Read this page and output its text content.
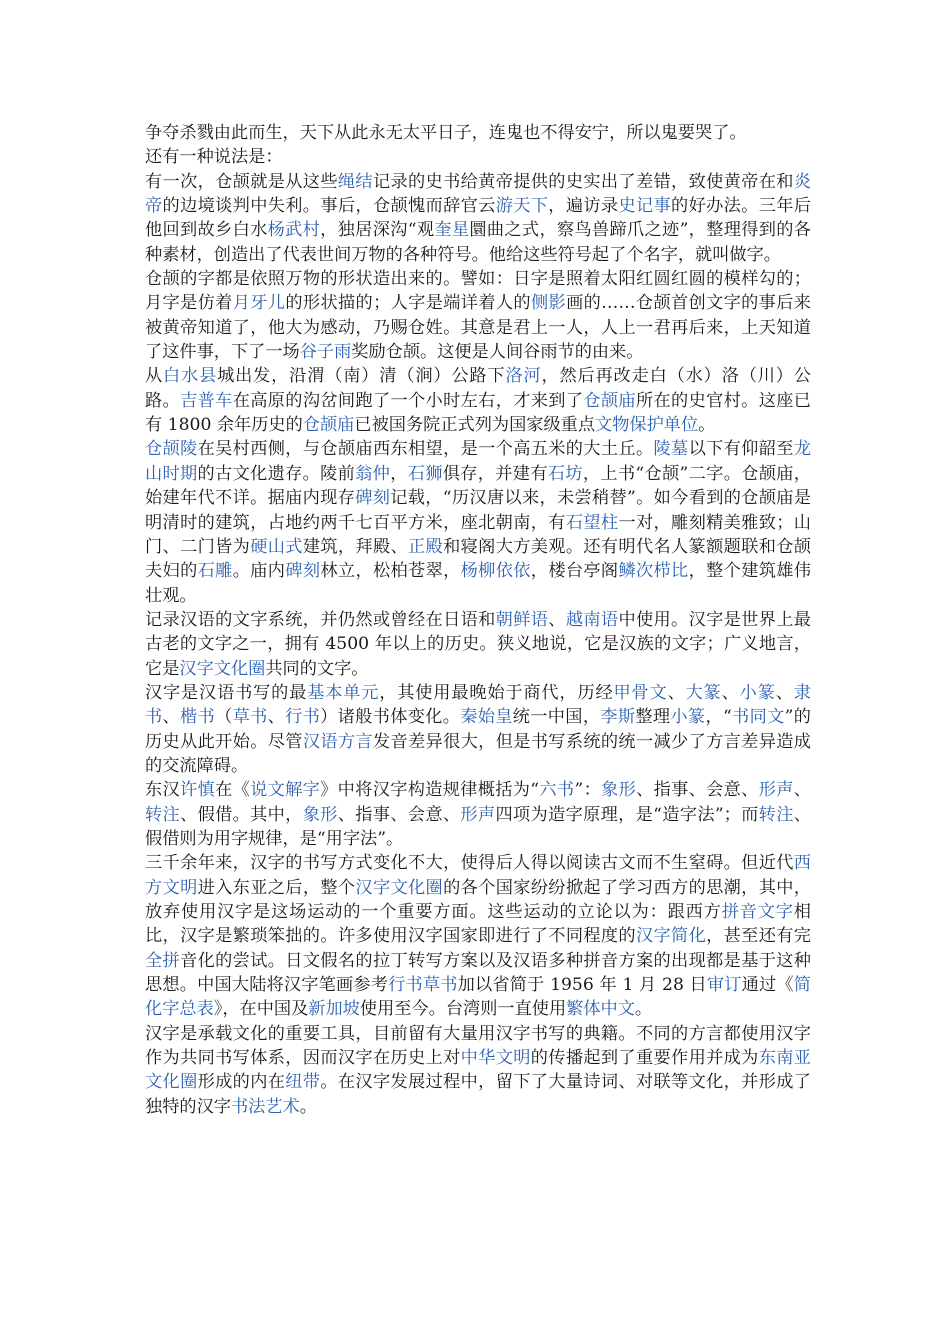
争夺杀戮由此而生，天下从此永无太平日子，连鬼也不得安宁，所以鬼要哭了。
还有一种说法是：
有一次，仓颉就是从这些绳结记录的史书给黄帝提供的史实出了差错，致使黄帝在和炎帝的边境谈判中失利。事后，仓颉愧而辞官云游天下，遍访录史记事的好办法。三年后他回到故乡白水杨武村，独居深沟“观奎星圜曲之式，察鸟兽蹄爪之迹”，整理得到的各种素材，创造出了代表世间万物的各种符号。他给这些符号起了个名字，就叫做字。
仓颉的字都是依照万物的形状造出来的。譬如：日字是照着太阳红圆红圆的模样勾的；月字是仿着月牙儿的形状描的；人字是端详着人的侧影画的……仓颉首创文字的事后来被黄帝知道了，他大为感动，乃赐仓姓。其意是君上一人，人上一君再后来，上天知道了这件事，下了一场谷子雨奖励仓颉。这便是人间谷雨节的由来。
从白水县城出发，沿渭（南）清（涧）公路下洛河，然后再改走白（水）洛（川）公路。吉普车在高原的沟岔间跑了一个小时左右，才来到了仓颉庙所在的史官村。这座已有 1800 余年历史的仓颉庙已被国务院正式列为国家级重点文物保护单位。
仓颉陵在吴村西侧，与仓颉庙西东相望，是一个高五米的大土丘。陵墓以下有仰韶至龙山时期的古文化遗存。陵前翁仲，石狮俱存，并建有石坊，上书“仓颉”二字。仓颉庙，始建年代不详。据庙内现存碑刻记载，“历汉唐以来，未尝稍替”。如今看到的仓颉庙是明清时的建筑，占地约两千七百平方米，座北朝南，有石望柱一对，雕刻精美雅致；山门、二门皆为硬山式建筑，拜殿、正殿和寝阁大方美观。还有明代名人篆额题联和仓颉夫妇的石雕。庙内碑刻林立，松柏苍翠，杨柳依依，楼台亭阁鳞次栉比，整个建筑雄伟壮观。
记录汉语的文字系统，并仍然或曾经在日语和朝鲜语、越南语中使用。汉字是世界上最古老的文字之一，拥有 4500 年以上的历史。狭义地说，它是汉族的文字；广义地言，它是汉字文化圈共同的文字。
汉字是汉语书写的最基本单元，其使用最晚始于商代，历经甲骨文、大篆、小篆、隶书、楷书（草书、行书）诸般书体变化。秦始皇统一中国，李斯整理小篆，“书同文”的历史从此开始。尽管汉语方言发音差异很大，但是书写系统的统一减少了方言差异造成的交流障碍。
东汉许慎在《说文解字》中将汉字构造规律概括为“六书”：象形、指事、会意、形声、转注、假借。其中，象形、指事、会意、形声四项为造字原理，是“造字法”；而转注、假借则为用字规律，是“用字法”。
三千余年来，汉字的书写方式变化不大，使得后人得以阅读古文而不生窒碍。但近代西方文明进入东亚之后，整个汉字文化圈的各个国家纷纷掀起了学习西方的思潮，其中，放弃使用汉字是这场运动的一个重要方面。这些运动的立论以为：跟西方拼音文字相比，汉字是繁琐笨拙的。许多使用汉字国家即进行了不同程度的汉字简化，甚至还有完全拼音化的尝试。日文假名的拉丁转写方案以及汉语多种拼音方案的出现都是基于这种思想。中国大陆将汉字笔画参考行书草书加以省简于 1956 年 1 月 28 日审订通过《简化字总表》，在中国及新加坡使用至今。台湾则一直使用繁体中文。
汉字是承载文化的重要工具，目前留有大量用汉字书写的典籍。不同的方言都使用汉字作为共同书写体系，因而汉字在历史上对中华文明的传播起到了重要作用并成为东南亚文化圈形成的内在纽带。在汉字发展过程中，留下了大量诗词、对联等文化，并形成了独特的汉字书法艺术。
